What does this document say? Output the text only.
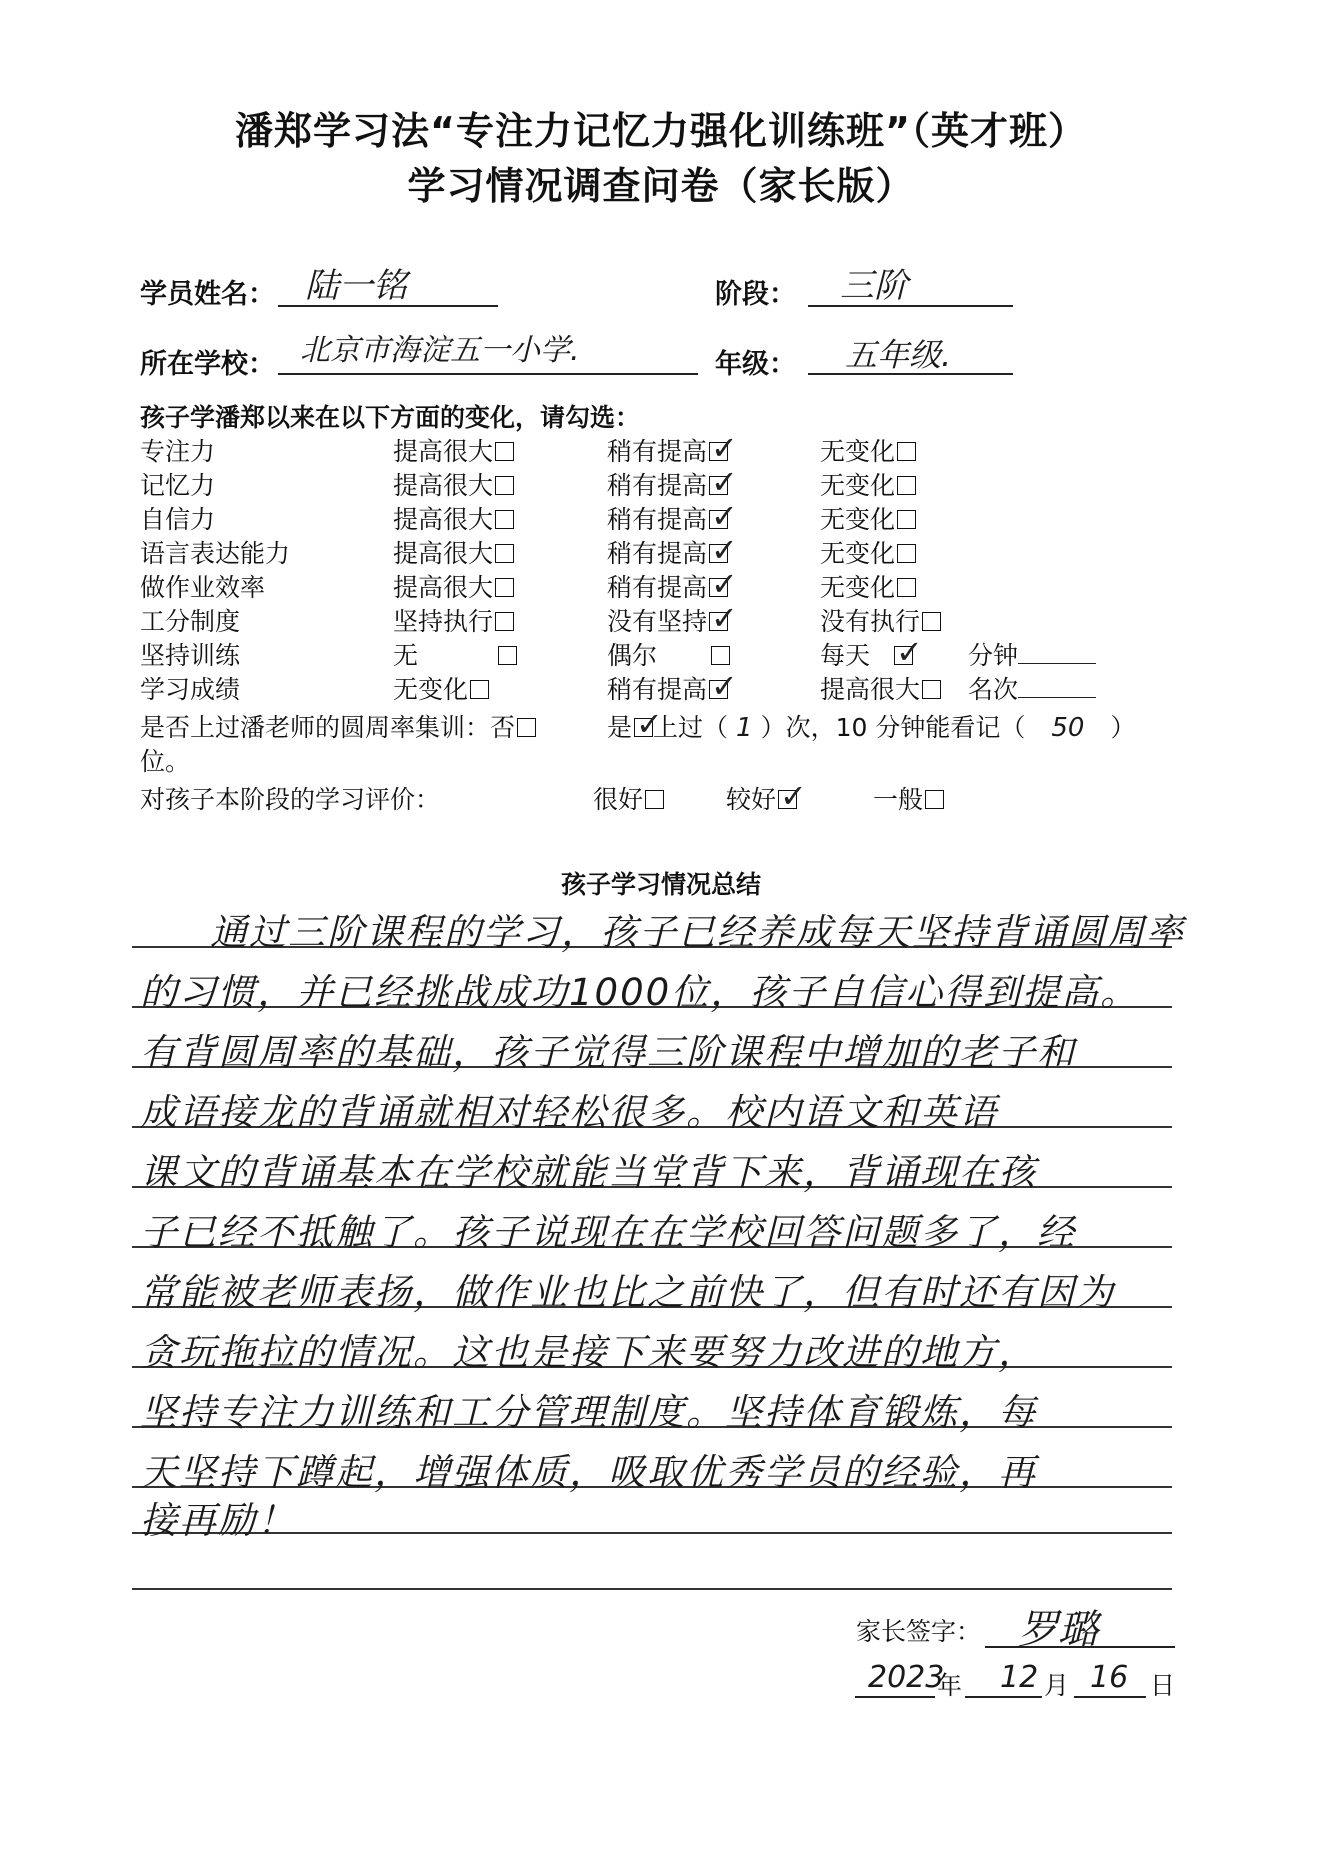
潘郑学习法“专注力记忆力强化训练班”（英才班）
学习情况调查问卷（家长版）
学员姓名： 陆一铭	阶段： 三阶
所在学校： 北京市海淀五一小学.	年级： 五年级.
孩子学潘郑以来在以下方面的变化，请勾选：
专注力	提高很大	稍有提高 ✓	无变化
记忆力	提高很大	稍有提高 ✓	无变化
自信力	提高很大	稍有提高 ✓	无变化
语言表达能力	提高很大	稍有提高 ✓	无变化
做作业效率	提高很大	稍有提高 ✓	无变化
工分制度	坚持执行	没有坚持 ✓	没有执行
坚持训练	无	偶尔	每天 ✓	分钟
学习成绩	无变化	稍有提高 ✓	提高很大	名次
是否上过潘老师的圆周率集训：否	是 ✓ 上过（ 1 ）次，10 分钟能看记（ 50 ）
位。
对孩子本阶段的学习评价：	很好	较好 ✓	一般
孩子学习情况总结
通过三阶课程的学习，孩子已经养成每天坚持背诵圆周率
的习惯，并已经挑战成功1000位，孩子自信心得到提高。
有背圆周率的基础，孩子觉得三阶课程中增加的老子和
成语接龙的背诵就相对轻松很多。校内语文和英语
课文的背诵基本在学校就能当堂背下来，背诵现在孩
子已经不抵触了。孩子说现在在学校回答问题多了，经
常能被老师表扬，做作业也比之前快了，但有时还有因为
贪玩拖拉的情况。这也是接下来要努力改进的地方，
坚持专注力训练和工分管理制度。坚持体育锻炼，每
天坚持下蹲起，增强体质，吸取优秀学员的经验，再
接再励！
家长签字： 罗璐
2023
年 12 月 16 日
